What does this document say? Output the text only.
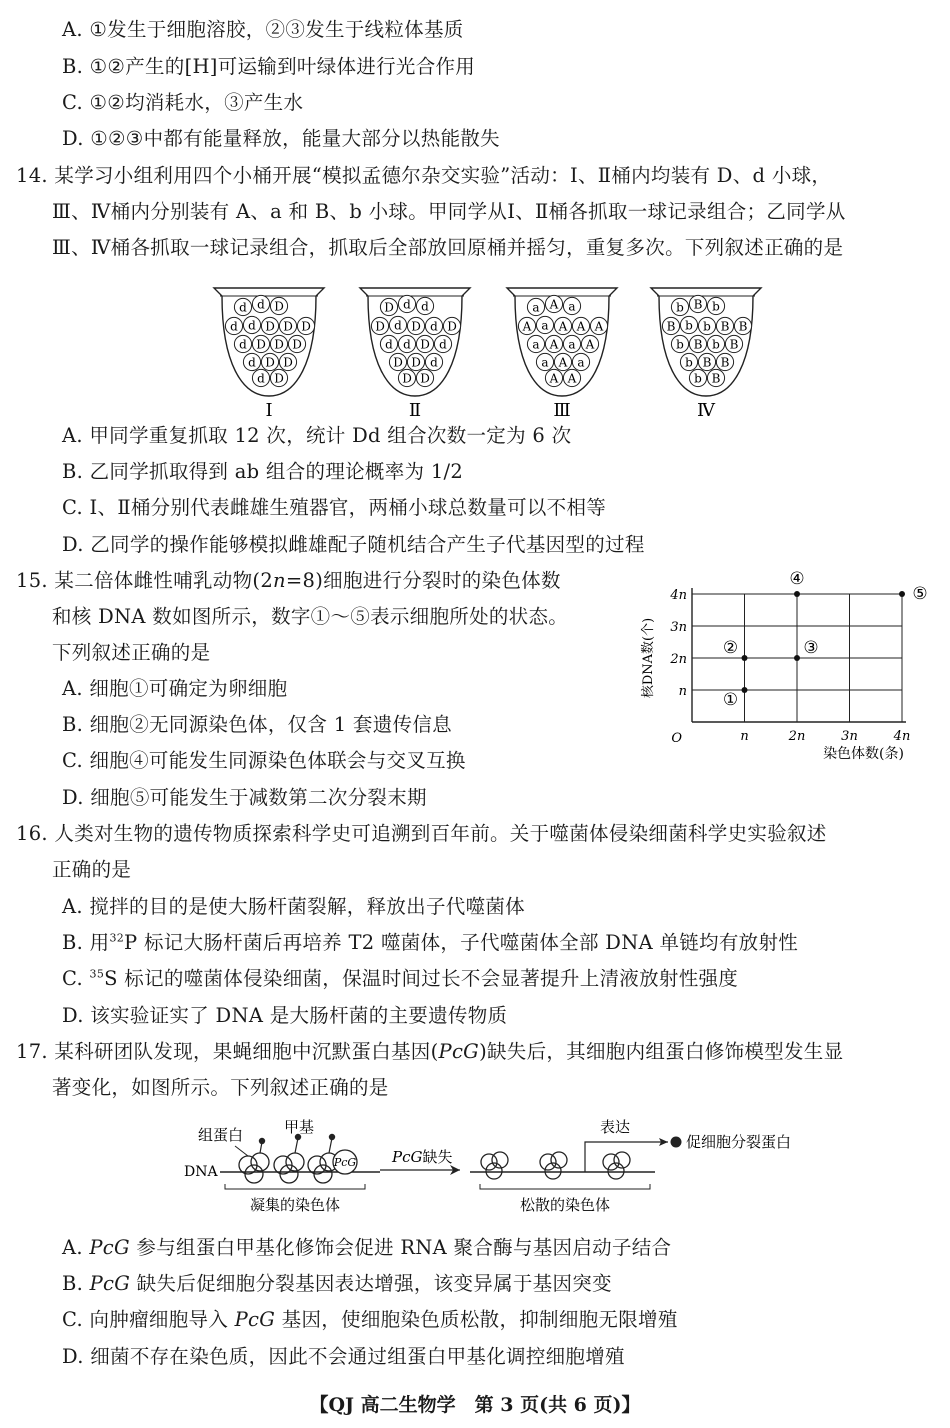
A. ①发生于细胞溶胶，②③发生于线粒体基质
B. ①②产生的[H]可运输到叶绿体进行光合作用
C. ①②均消耗水，③产生水
D. ①②③中都有能量释放，能量大部分以热能散失
14. 某学习小组利用四个小桶开展“模拟孟德尔杂交实验”活动：Ⅰ、Ⅱ桶内均装有 D、d 小球，
Ⅲ、Ⅳ桶内分别装有 A、a 和 B、b 小球。甲同学从Ⅰ、Ⅱ桶各抓取一球记录组合；乙同学从
Ⅲ、Ⅳ桶各抓取一球记录组合，抓取后全部放回原桶并摇匀，重复多次。下列叙述正确的是
d d D
d d D D D
d D D D
d D D
d D
Ⅰ
D d d
D d D d D
d d D d
D D d
D D
Ⅱ
a A a
A a A A A
a A a A
a A a
A A
Ⅲ
b B b
B b b B B
b B b B
b B B
b B
Ⅳ
A. 甲同学重复抓取 12 次，统计 Dd 组合次数一定为 6 次
B. 乙同学抓取得到 ab 组合的理论概率为 1/2
C. Ⅰ、Ⅱ桶分别代表雌雄生殖器官，两桶小球总数量可以不相等
D. 乙同学的操作能够模拟雌雄配子随机结合产生子代基因型的过程
15. 某二倍体雌性哺乳动物(2n=8)细胞进行分裂时的染色体数
和核 DNA 数如图所示，数字①～⑤表示细胞所处的状态。
下列叙述正确的是
A. 细胞①可确定为卵细胞
B. 细胞②无同源染色体，仅含 1 套遗传信息
C. 细胞④可能发生同源染色体联会与交叉互换
D. 细胞⑤可能发生于减数第二次分裂末期
n	2n	3n	4n
n
2n
3n
4n
O
染色体数(条)
核DNA数(个)
①
②	③
④
⑤
16. 人类对生物的遗传物质探索科学史可追溯到百年前。关于噬菌体侵染细菌科学史实验叙述
正确的是
A. 搅拌的目的是使大肠杆菌裂解，释放出子代噬菌体
B. 用$^{32}$P 标记大肠杆菌后再培养 T2 噬菌体，子代噬菌体全部 DNA 单链均有放射性
C. $^{35}$S 标记的噬菌体侵染细菌，保温时间过长不会显著提升上清液放射性强度
D. 该实验证实了 DNA 是大肠杆菌的主要遗传物质
17. 某科研团队发现，果蝇细胞中沉默蛋白基因(PcG)缺失后，其细胞内组蛋白修饰模型发生显
著变化，如图所示。下列叙述正确的是
PcG
组蛋白	甲基
DNA
凝集的染色体
PcG缺失
表达
促细胞分裂蛋白
松散的染色体
A. PcG 参与组蛋白甲基化修饰会促进 RNA 聚合酶与基因启动子结合
B. PcG 缺失后促细胞分裂基因表达增强，该变异属于基因突变
C. 向肿瘤细胞导入 PcG 基因，使细胞染色质松散，抑制细胞无限增殖
D. 细菌不存在染色质，因此不会通过组蛋白甲基化调控细胞增殖
【QJ 高二生物学　第 3 页(共 6 页)】
